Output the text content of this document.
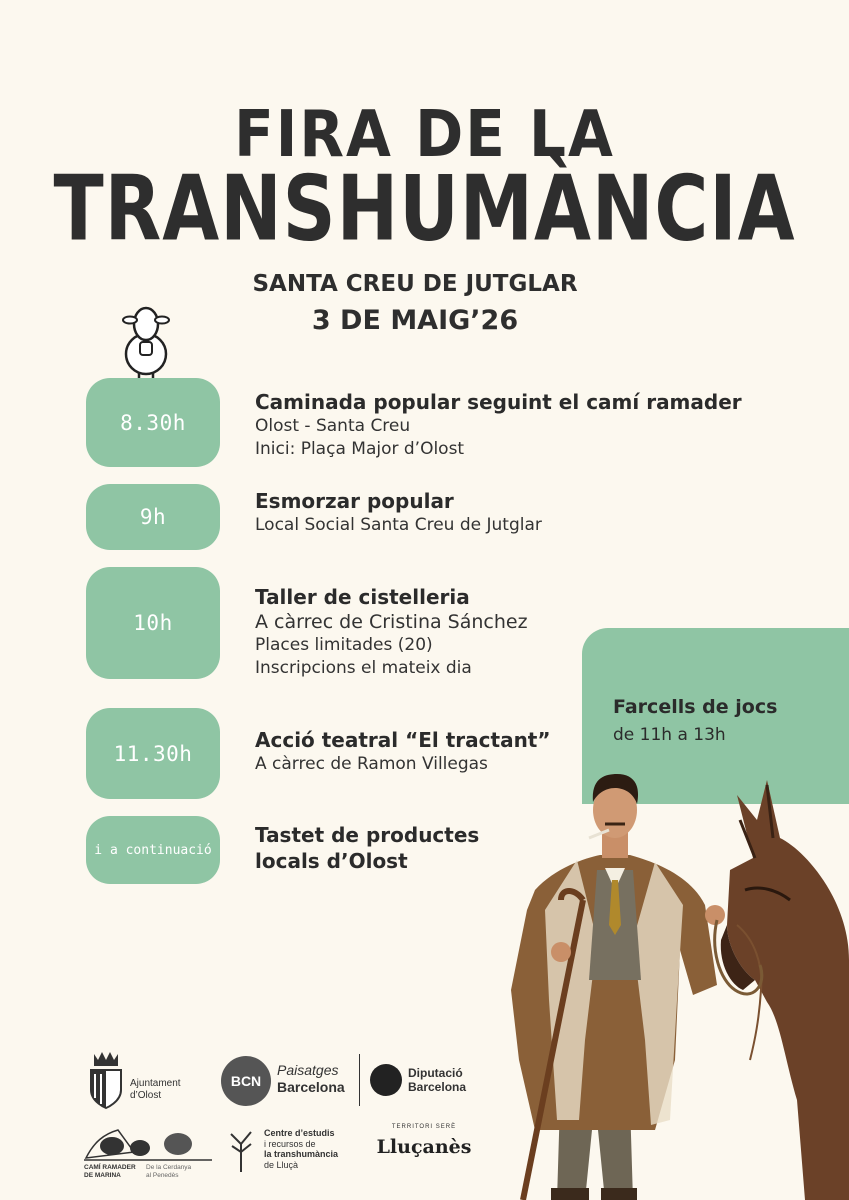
FIRA DE LA
TRANSHUMÀNCIA
SANTA CREU DE JUTGLAR
3 DE MAIG’26
8.30h
Caminada popular seguint el camí ramader
Olost - Santa Creu
Inici: Plaça Major d’Olost
9h
Esmorzar popular
Local Social Santa Creu de Jutglar
10h
Taller de cistelleria
A càrrec de Cristina Sánchez
Places limitades (20)
Inscripcions el mateix dia
11.30h
Acció teatral “El tractant”
A càrrec de Ramon Villegas
i a continuació
Tastet de productes
locals d’Olost
Farcells de jocs
de 11h a 13h
Ajuntament
d’Olost
BCN
Paisatges
Barcelona
Diputació
Barcelona
CAMÍ RAMADER
DE MARINA
De la Cerdanya
al Penedès
Centre d’estudis
i recursos de
la transhumància
de Lluçà
TERRITORI SERÈ
Lluçanès
